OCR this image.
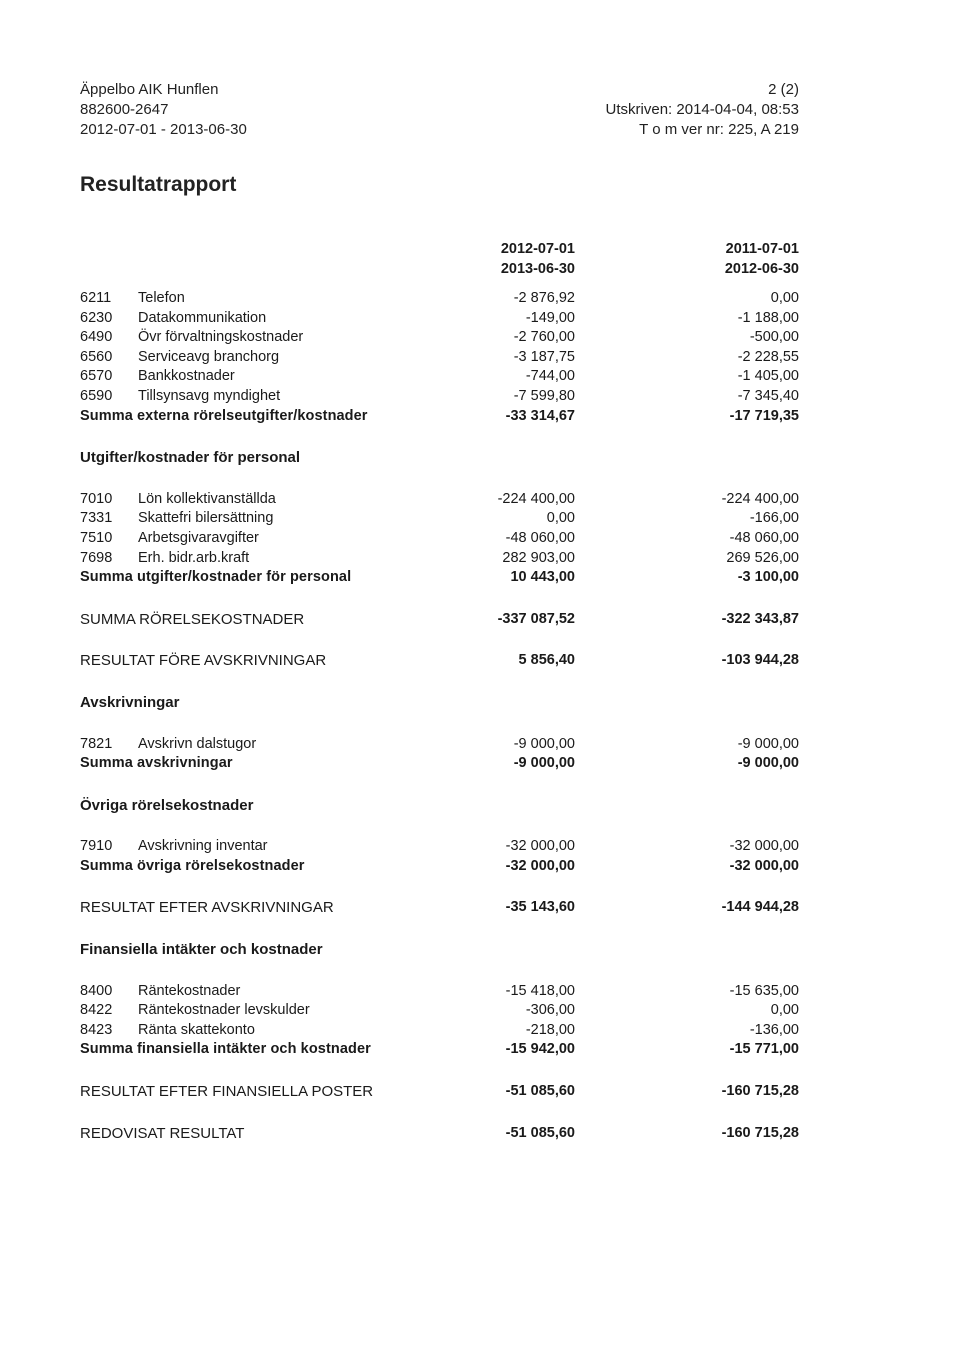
Äppelbo AIK Hunflen
882600-2647
2012-07-01 - 2013-06-30
2 (2)
Utskriven: 2014-04-04, 08:53
T o m ver nr: 225, A 219
Resultatrapport
2012-07-01
2013-06-30
2011-07-01
2012-06-30
6211 Telefon	-2 876,92	0,00
6230 Datakommunikation	-149,00	-1 188,00
6490 Övr förvaltningskostnader	-2 760,00	-500,00
6560 Serviceavg branchorg	-3 187,75	-2 228,55
6570 Bankkostnader	-744,00	-1 405,00
6590 Tillsynsavg myndighet	-7 599,80	-7 345,40
Summa externa rörelseutgifter/kostnader	-33 314,67	-17 719,35
Utgifter/kostnader för personal
7010 Lön kollektivanställda	-224 400,00	-224 400,00
7331 Skattefri bilersättning	0,00	-166,00
7510 Arbetsgivaravgifter	-48 060,00	-48 060,00
7698 Erh. bidr.arb.kraft	282 903,00	269 526,00
Summa utgifter/kostnader för personal	10 443,00	-3 100,00
SUMMA RÖRELSEKOSTNADER	-337 087,52	-322 343,87
RESULTAT FÖRE AVSKRIVNINGAR	5 856,40	-103 944,28
Avskrivningar
7821 Avskrivn dalstugor	-9 000,00	-9 000,00
Summa avskrivningar	-9 000,00	-9 000,00
Övriga rörelsekostnader
7910 Avskrivning inventar	-32 000,00	-32 000,00
Summa övriga rörelsekostnader	-32 000,00	-32 000,00
RESULTAT EFTER AVSKRIVNINGAR	-35 143,60	-144 944,28
Finansiella intäkter och kostnader
8400 Räntekostnader	-15 418,00	-15 635,00
8422 Räntekostnader levskulder	-306,00	0,00
8423 Ränta skattekonto	-218,00	-136,00
Summa finansiella intäkter och kostnader	-15 942,00	-15 771,00
RESULTAT EFTER FINANSIELLA POSTER	-51 085,60	-160 715,28
REDOVISAT RESULTAT	-51 085,60	-160 715,28
